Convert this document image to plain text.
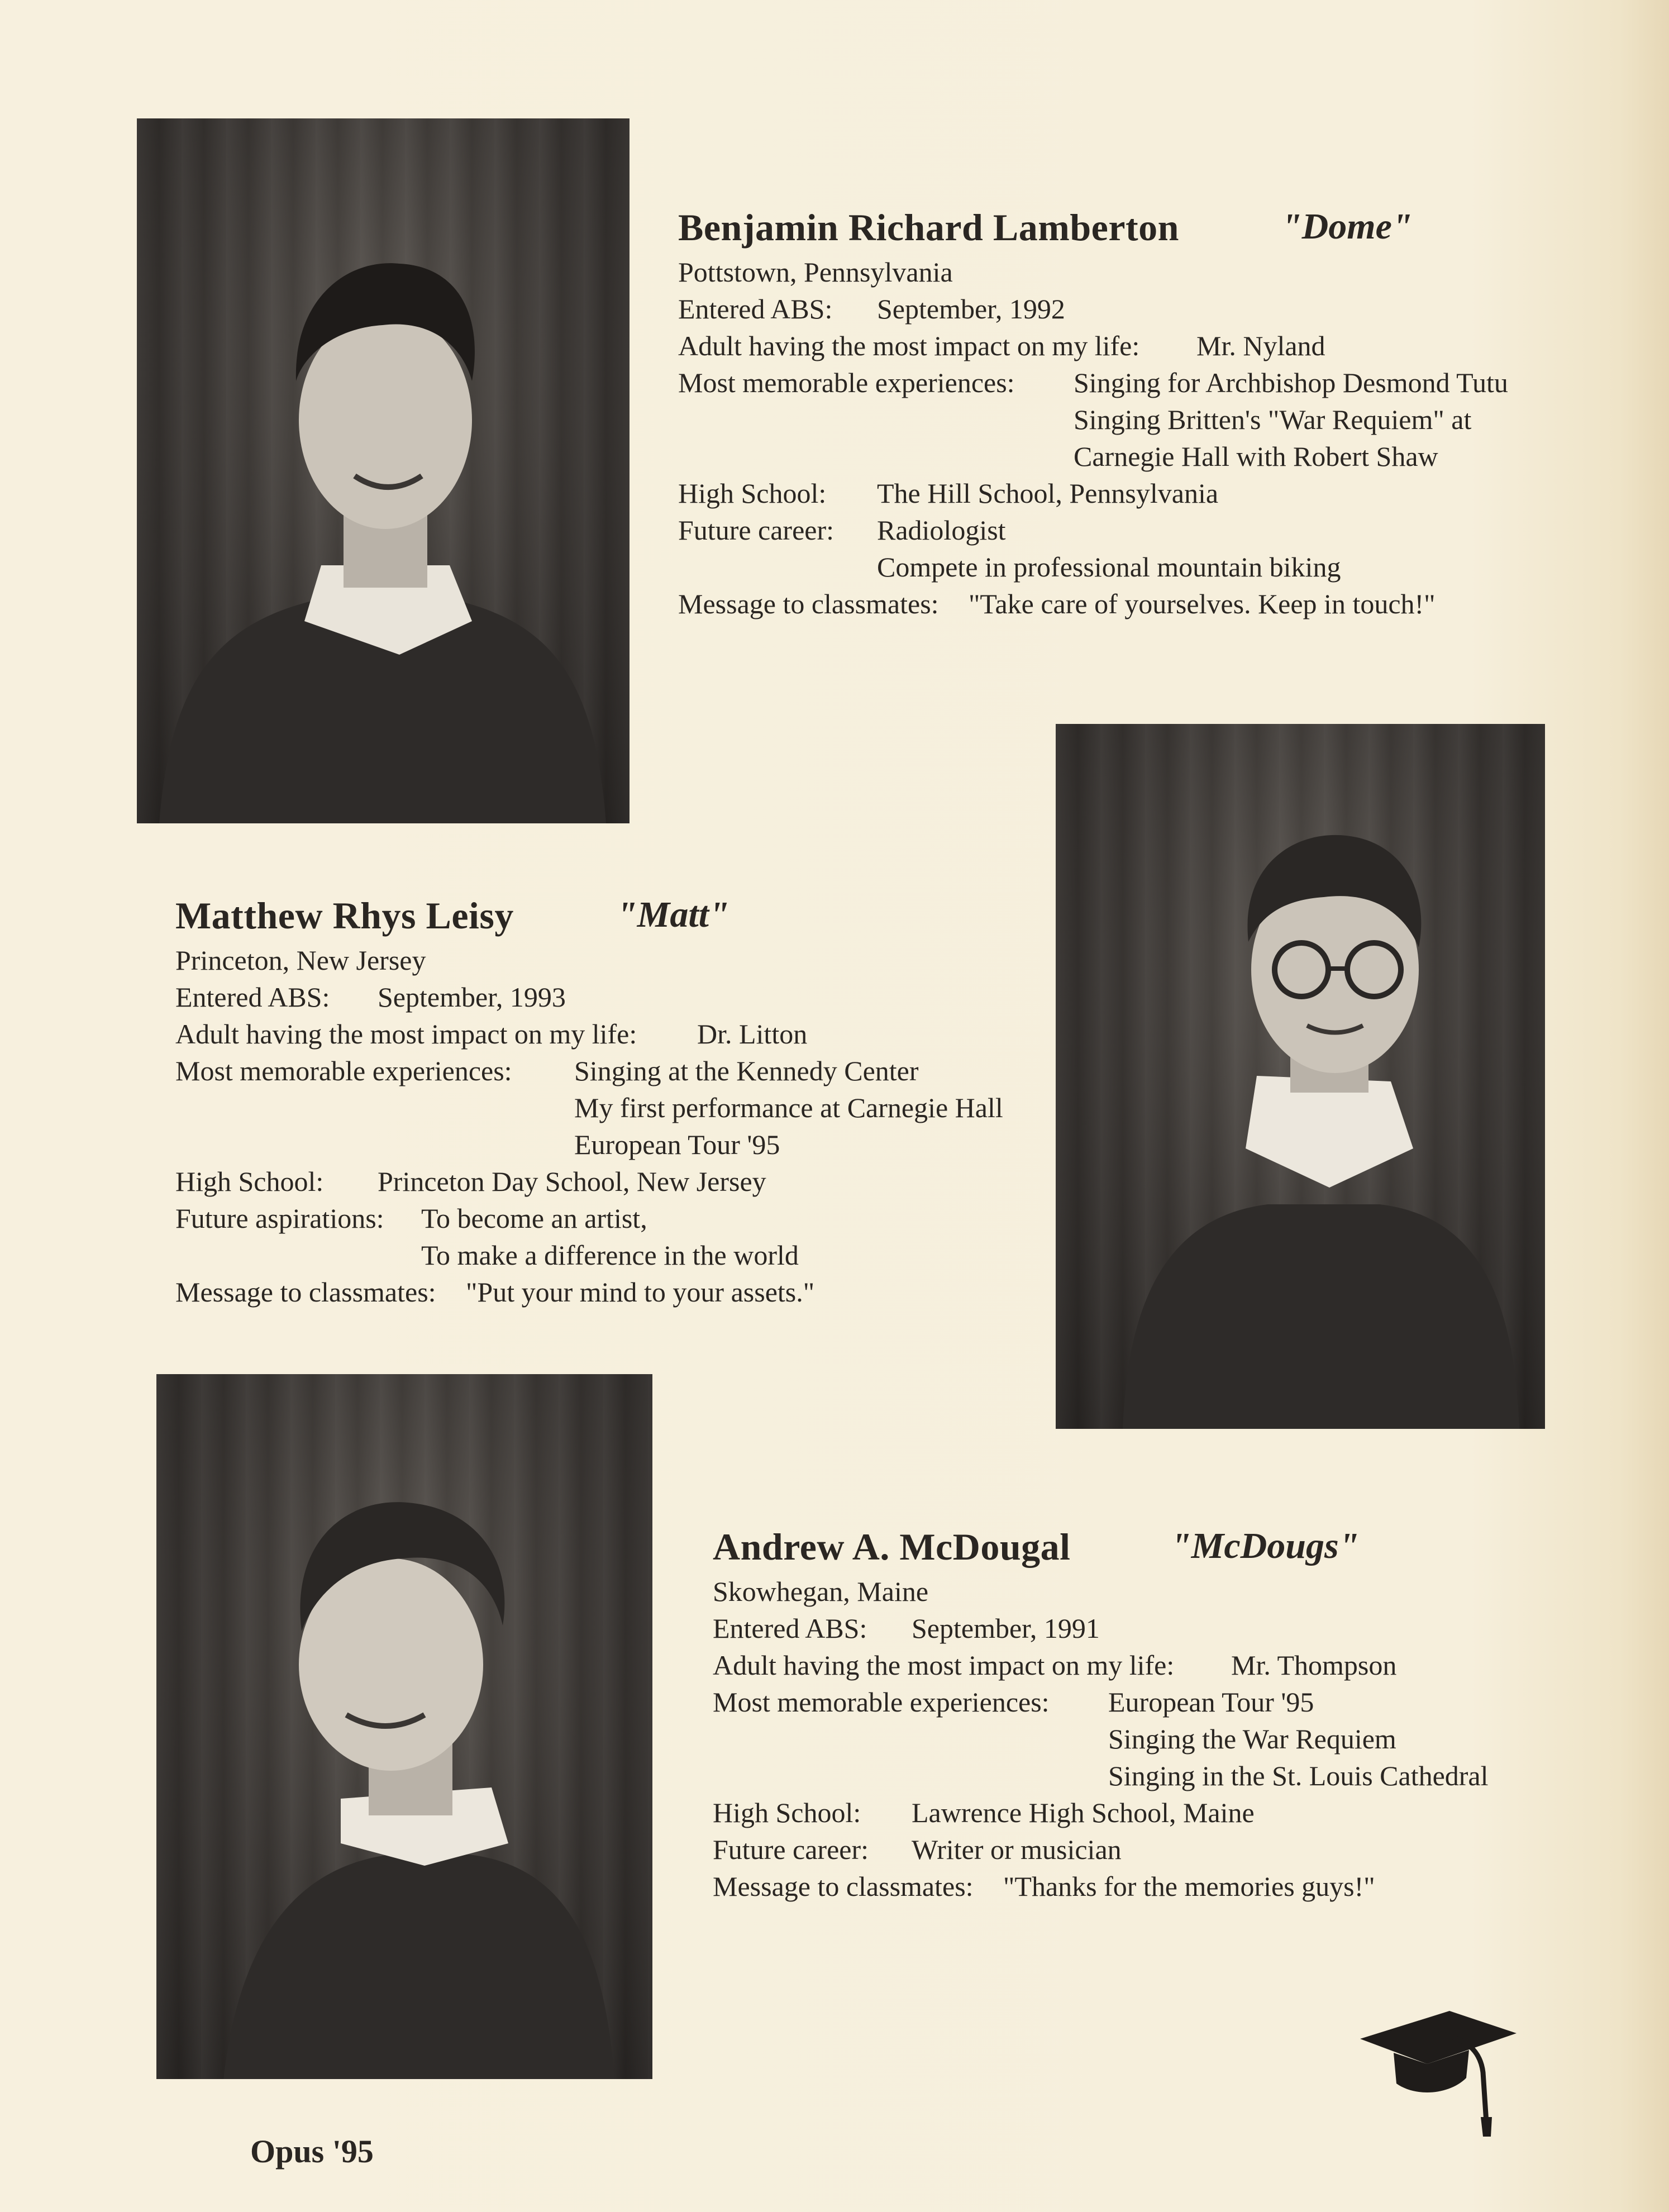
Benjamin Richard Lamberton	"Dome"
Pottstown, Pennsylvania
Entered ABS: September, 1992
Adult having the most impact on my life: Mr. Nyland
Most memorable experiences: Singing for Archbishop Desmond Tutu
Singing Britten's "War Requiem" at
Carnegie Hall with Robert Shaw
High School: The Hill School, Pennsylvania
Future career: Radiologist
Compete in professional mountain biking
Message to classmates: "Take care of yourselves. Keep in touch!"
Matthew Rhys Leisy	"Matt"
Princeton, New Jersey
Entered ABS: September, 1993
Adult having the most impact on my life: Dr. Litton
Most memorable experiences: Singing at the Kennedy Center
My first performance at Carnegie Hall
European Tour '95
High School: Princeton Day School, New Jersey
Future aspirations: To become an artist,
To make a difference in the world
Message to classmates: "Put your mind to your assets."
Andrew A. McDougal	"McDougs"
Skowhegan, Maine
Entered ABS: September, 1991
Adult having the most impact on my life: Mr. Thompson
Most memorable experiences: European Tour '95
Singing the War Requiem
Singing in the St. Louis Cathedral
High School: Lawrence High School, Maine
Future career: Writer or musician
Message to classmates: "Thanks for the memories guys!"
Opus '95
